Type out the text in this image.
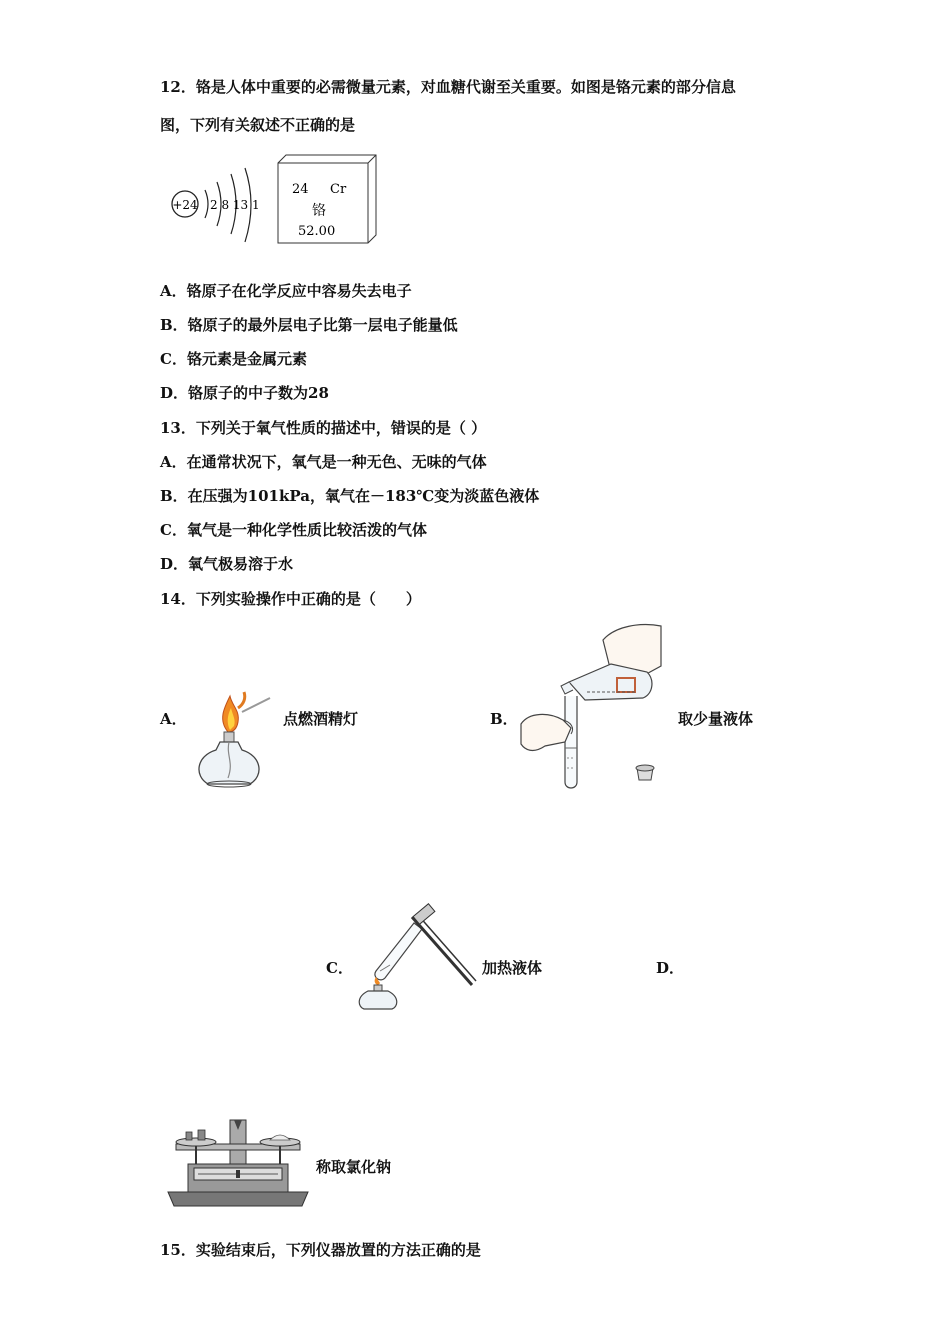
12．铬是人体中重要的必需微量元素，对血糖代谢至关重要。如图是铬元素的部分信息
图，下列有关叙述不正确的是
+24 2 8 13 1
24 Cr
铬
52.00
A．铬原子在化学反应中容易失去电子
B．铬原子的最外层电子比第一层电子能量低
C．铬元素是金属元素
D．铬原子的中子数为28
13．下列关于氧气性质的描述中，错误的是（ ）
A．在通常状况下，氧气是一种无色、无味的气体
B．在压强为101kPa，氧气在－183℃变为淡蓝色液体
C．氧气是一种化学性质比较活泼的气体
D．氧气极易溶于水
14．下列实验操作中正确的是（　　）
A．	点燃酒精灯	B．	取少量液体
C．	加热液体	D．
称取氯化钠
15．实验结束后，下列仪器放置的方法正确的是
